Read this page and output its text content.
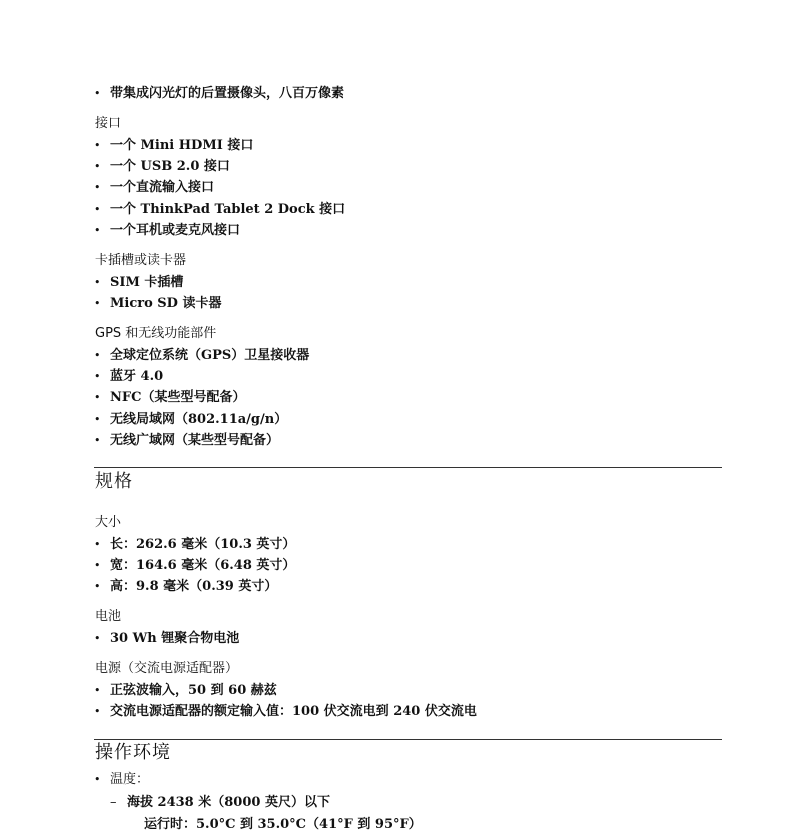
• 带集成闪光灯的后置摄像头，八百万像素
接口
• 一个 Mini HDMI 接口
• 一个 USB 2.0 接口
• 一个直流输入接口
• 一个 ThinkPad Tablet 2 Dock 接口
• 一个耳机或麦克风接口
卡插槽或读卡器
• SIM 卡插槽
• Micro SD 读卡器
GPS 和无线功能部件
• 全球定位系统（GPS）卫星接收器
• 蓝牙 4.0
• NFC（某些型号配备）
• 无线局域网（802.11a/g/n）
• 无线广域网（某些型号配备）
规格
大小
• 长：262.6 毫米（10.3 英寸）
• 宽：164.6 毫米（6.48 英寸）
• 高：9.8 毫米（0.39 英寸）
电池
• 30 Wh 锂聚合物电池
电源（交流电源适配器）
• 正弦波输入，50 到 60 赫兹
• 交流电源适配器的额定输入值：100 伏交流电到 240 伏交流电
操作环境
• 温度：
– 海拔 2438 米（8000 英尺）以下
运行时：5.0°C 到 35.0°C（41°F 到 95°F）
